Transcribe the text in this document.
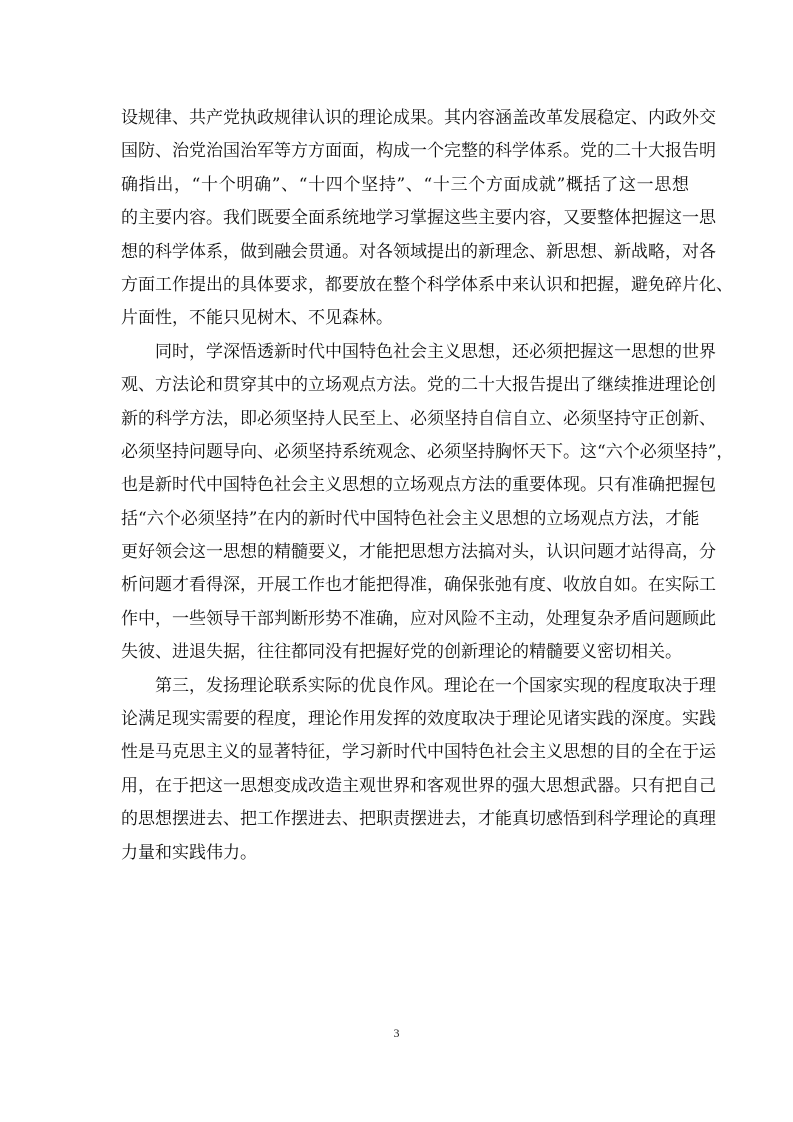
设规律、共产党执政规律认识的理论成果。其内容涵盖改革发展稳定、内政外交
国防、治党治国治军等方方面面，构成一个完整的科学体系。党的二十大报告明
确指出，“十个明确”、“十四个坚持”、“十三个方面成就”概括了这一思想
的主要内容。我们既要全面系统地学习掌握这些主要内容，又要整体把握这一思
想的科学体系，做到融会贯通。对各领域提出的新理念、新思想、新战略，对各
方面工作提出的具体要求，都要放在整个科学体系中来认识和把握，避免碎片化、
片面性，不能只见树木、不见森林。
同时，学深悟透新时代中国特色社会主义思想，还必须把握这一思想的世界
观、方法论和贯穿其中的立场观点方法。党的二十大报告提出了继续推进理论创
新的科学方法，即必须坚持人民至上、必须坚持自信自立、必须坚持守正创新、
必须坚持问题导向、必须坚持系统观念、必须坚持胸怀天下。这“六个必须坚持”，
也是新时代中国特色社会主义思想的立场观点方法的重要体现。只有准确把握包
括“六个必须坚持”在内的新时代中国特色社会主义思想的立场观点方法，才能
更好领会这一思想的精髓要义，才能把思想方法搞对头，认识问题才站得高，分
析问题才看得深，开展工作也才能把得准，确保张弛有度、收放自如。在实际工
作中，一些领导干部判断形势不准确，应对风险不主动，处理复杂矛盾问题顾此
失彼、进退失据，往往都同没有把握好党的创新理论的精髓要义密切相关。
第三，发扬理论联系实际的优良作风。理论在一个国家实现的程度取决于理
论满足现实需要的程度，理论作用发挥的效度取决于理论见诸实践的深度。实践
性是马克思主义的显著特征，学习新时代中国特色社会主义思想的目的全在于运
用，在于把这一思想变成改造主观世界和客观世界的强大思想武器。只有把自己
的思想摆进去、把工作摆进去、把职责摆进去，才能真切感悟到科学理论的真理
力量和实践伟力。
3
